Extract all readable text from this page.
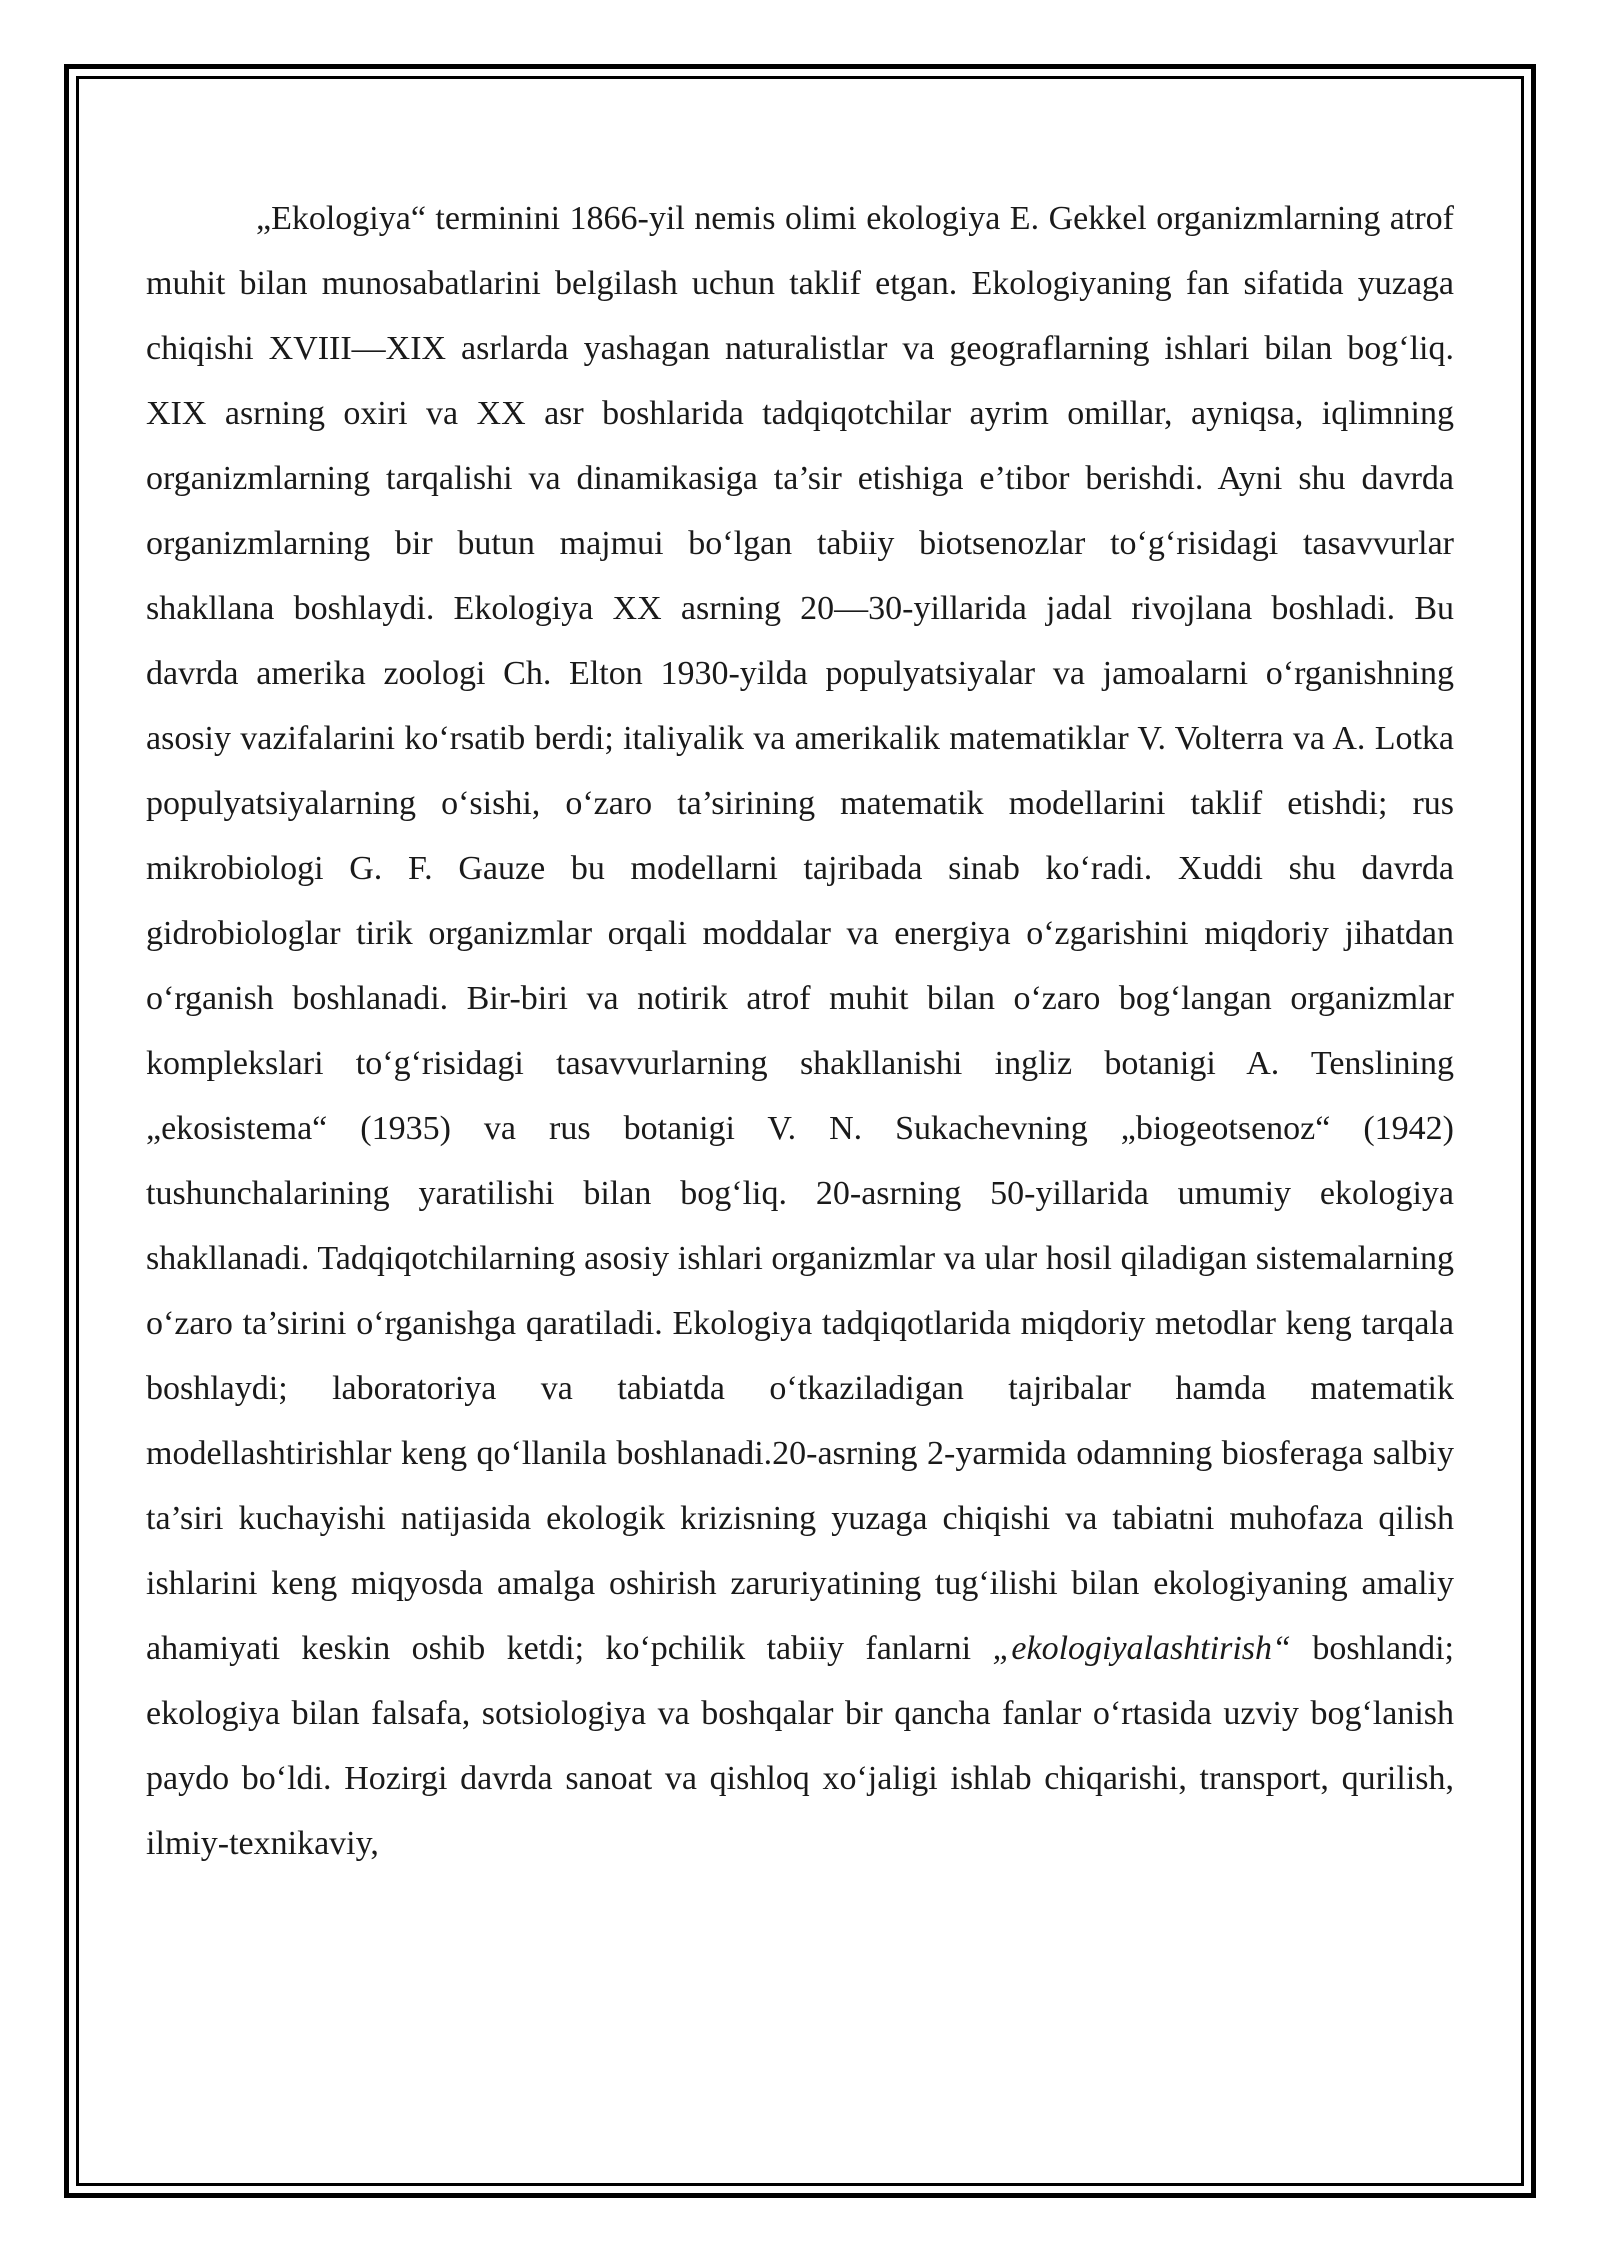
„Ekologiya“ terminini 1866-yil nemis olimi ekologiya E. Gekkel organizmlarning atrof muhit bilan munosabatlarini belgilash uchun taklif etgan. Ekologiyaning fan sifatida yuzaga chiqishi XVIII—XIX asrlarda yashagan naturalistlar va geograflarning ishlari bilan bog‘liq. XIX asrning oxiri va XX asr boshlarida tadqiqotchilar ayrim omillar, ayniqsa, iqlimning organizmlarning tarqalishi va dinamikasiga ta’sir etishiga e’tibor berishdi. Ayni shu davrda organizmlarning bir butun majmui bo‘lgan tabiiy biotsenozlar to‘g‘risidagi tasavvurlar shakllana boshlaydi. Ekologiya XX asrning 20—30-yillarida jadal rivojlana boshladi. Bu davrda amerika zoologi Ch. Elton 1930-yilda populyatsiyalar va jamoalarni o‘rganishning asosiy vazifalarini ko‘rsatib berdi; italiyalik va amerikalik matematiklar V. Volterra va A. Lotka populyatsiyalarning o‘sishi, o‘zaro ta’sirining matematik modellarini taklif etishdi; rus mikrobiologi G. F. Gauze bu modellarni tajribada sinab ko‘radi. Xuddi shu davrda gidrobiologlar tirik organizmlar orqali moddalar va energiya o‘zgarishini miqdoriy jihatdan o‘rganish boshlanadi. Bir-biri va notirik atrof muhit bilan o‘zaro bog‘langan organizmlar komplekslari to‘g‘risidagi tasavvurlarning shakllanishi ingliz botanigi A. Tenslining „ekosistema“ (1935) va rus botanigi V. N. Sukachevning „biogeotsenoz“ (1942) tushunchalarining yaratilishi bilan bog‘liq. 20-asrning 50-yillarida umumiy ekologiya shakllanadi. Tadqiqotchilarning asosiy ishlari organizmlar va ular hosil qiladigan sistemalarning o‘zaro ta’sirini o‘rganishga qaratiladi. Ekologiya tadqiqotlarida miqdoriy metodlar keng tarqala boshlaydi; laboratoriya va tabiatda o‘tkaziladigan tajribalar hamda matematik modellashtirishlar keng qo‘llanila boshlanadi.20-asrning 2-yarmida odamning biosferaga salbiy ta’siri kuchayishi natijasida ekologik krizisning yuzaga chiqishi va tabiatni muhofaza qilish ishlarini keng miqyosda amalga oshirish zaruriyatining tug‘ilishi bilan ekologiyaning amaliy ahamiyati keskin oshib ketdi; ko‘pchilik tabiiy fanlarni „ekologiyalashtirish“ boshlandi; ekologiya bilan falsafa, sotsiologiya va boshqalar bir qancha fanlar o‘rtasida uzviy bog‘lanish paydo bo‘ldi. Hozirgi davrda sanoat va qishloq xo‘jaligi ishlab chiqarishi, transport, qurilish, ilmiy-texnikaviy,
